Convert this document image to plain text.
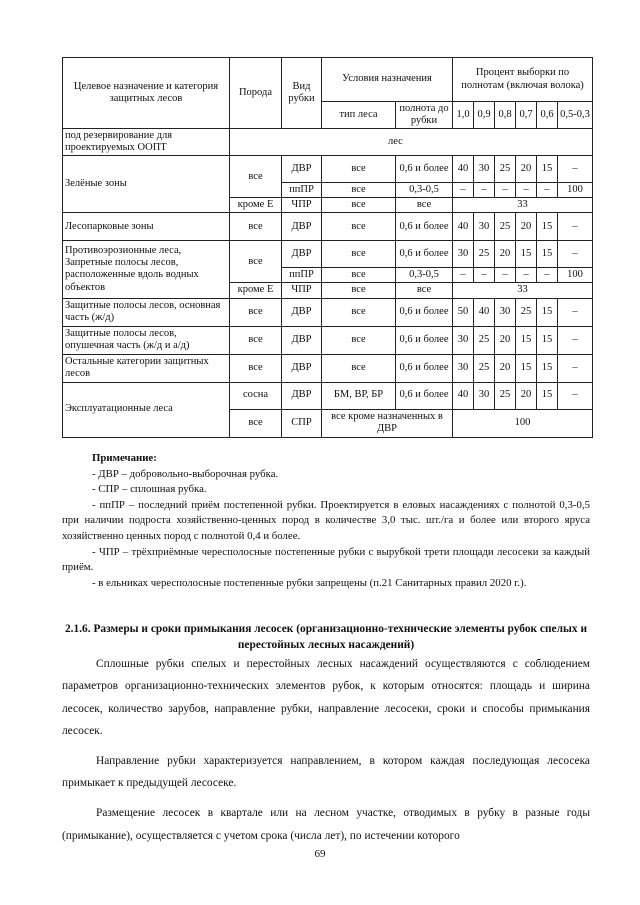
Целевое назначение и категория защитных лесов	Порода	Вид рубки	Условия назначения		Процент выборки по полнотам (включая волока)					
			тип леса	полнота до рубки	1,0	0,9	0,8	0,7	0,6	0,5-0,3
под резервирование для проектируемых ООПТ	лес									
Зелёные зоны	все	ДВР	все	0,6 и более	40	30	25	20	15	–
		ппПР	все	0,3-0,5	–	–	–	–	–	100
	кроме Е	ЧПР	все	все	33					
Лесопарковые зоны	все	ДВР	все	0,6 и более	40	30	25	20	15	–
Противоэрозионные леса, Запретные полосы лесов, расположенные вдоль водных объектов	все	ДВР	все	0,6 и более	30	25	20	15	15	–
		ппПР	все	0,3-0,5	–	–	–	–	–	100
	кроме Е	ЧПР	все	все	33					
Защитные полосы лесов, основная часть (ж/д)	все	ДВР	все	0,6 и более	50	40	30	25	15	–
Защитные полосы лесов, опушечная часть (ж/д и а/д)	все	ДВР	все	0,6 и более	30	25	20	15	15	–
Остальные категории защитных лесов	все	ДВР	все	0,6 и более	30	25	20	15	15	–
Эксплуатационные леса	сосна	ДВР	БМ, ВР, БР	0,6 и более	40	30	25	20	15	–
	все	СПР	все кроме назначенных в ДВР		100					

Примечание:

- ДВР – добровольно-выборочная рубка.

- СПР – сплошная рубка.

- ппПР – последний приём постепенной рубки. Проектируется в еловых насаждениях с полнотой 0,3-0,5 при наличии подроста хозяйственно-ценных пород в количестве 3,0 тыс. шт./га и более или второго яруса хозяйственно ценных пород с полнотой 0,4 и более.

- ЧПР – трёхприёмные чересполосные постепенные рубки с вырубкой трети площади лесосеки за каждый приём.

- в ельниках чересполосные постепенные рубки запрещены (п.21 Санитарных правил 2020 г.).

2.1.6. Размеры и сроки примыкания лесосек (организационно-технические элементы рубок спелых и перестойных лесных насаждений)

Сплошные рубки спелых и перестойных лесных насаждений осуществляются с соблюдением параметров организационно-технических элементов рубок, к которым относятся: площадь и ширина лесосек, количество зарубов, направление рубки, направление лесосеки, сроки и способы примыкания лесосек.

Направление рубки характеризуется направлением, в котором каждая последующая лесосека примыкает к предыдущей лесосеке.

Размещение лесосек в квартале или на лесном участке, отводимых в рубку в разные годы (примыкание), осуществляется с учетом срока (числа лет), по истечении которого

69
